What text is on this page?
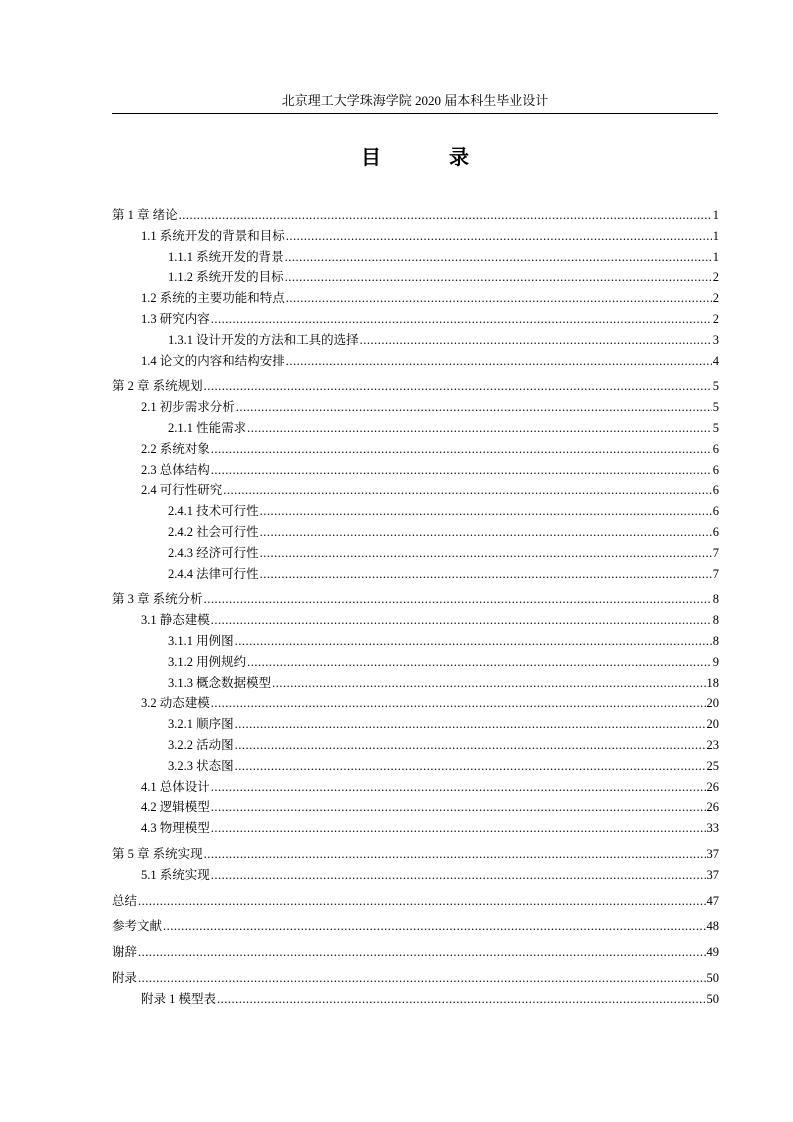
北京理工大学珠海学院 2020 届本科生毕业设计
目　录
第 1 章 绪论 .....	1
1.1 系统开发的背景和目标 .....	1
1.1.1 系统开发的背景 .....	1
1.1.2 系统开发的目标 .....	2
1.2 系统的主要功能和特点 .....	2
1.3 研究内容 .....	2
1.3.1 设计开发的方法和工具的选择 .....	3
1.4 论文的内容和结构安排 .....	4
第 2 章 系统规划 .....	5
2.1 初步需求分析 .....	5
2.1.1 性能需求 .....	5
2.2 系统对象 .....	6
2.3 总体结构 .....	6
2.4 可行性研究 .....	6
2.4.1 技术可行性 .....	6
2.4.2 社会可行性 .....	6
2.4.3 经济可行性 .....	7
2.4.4 法律可行性 .....	7
第 3 章 系统分析 .....	8
3.1 静态建模 .....	8
3.1.1 用例图 .....	8
3.1.2 用例规约 .....	9
3.1.3 概念数据模型 .....	18
3.2 动态建模 .....	20
3.2.1 顺序图 .....	20
3.2.2 活动图 .....	23
3.2.3 状态图 .....	25
4.1 总体设计 .....	26
4.2 逻辑模型 .....	26
4.3 物理模型 .....	33
第 5 章 系统实现 .....	37
5.1 系统实现 .....	37
总结 .....	47
参考文献 .....	48
谢辞 .....	49
附录 .....	50
附录 1 模型表 .....	50
